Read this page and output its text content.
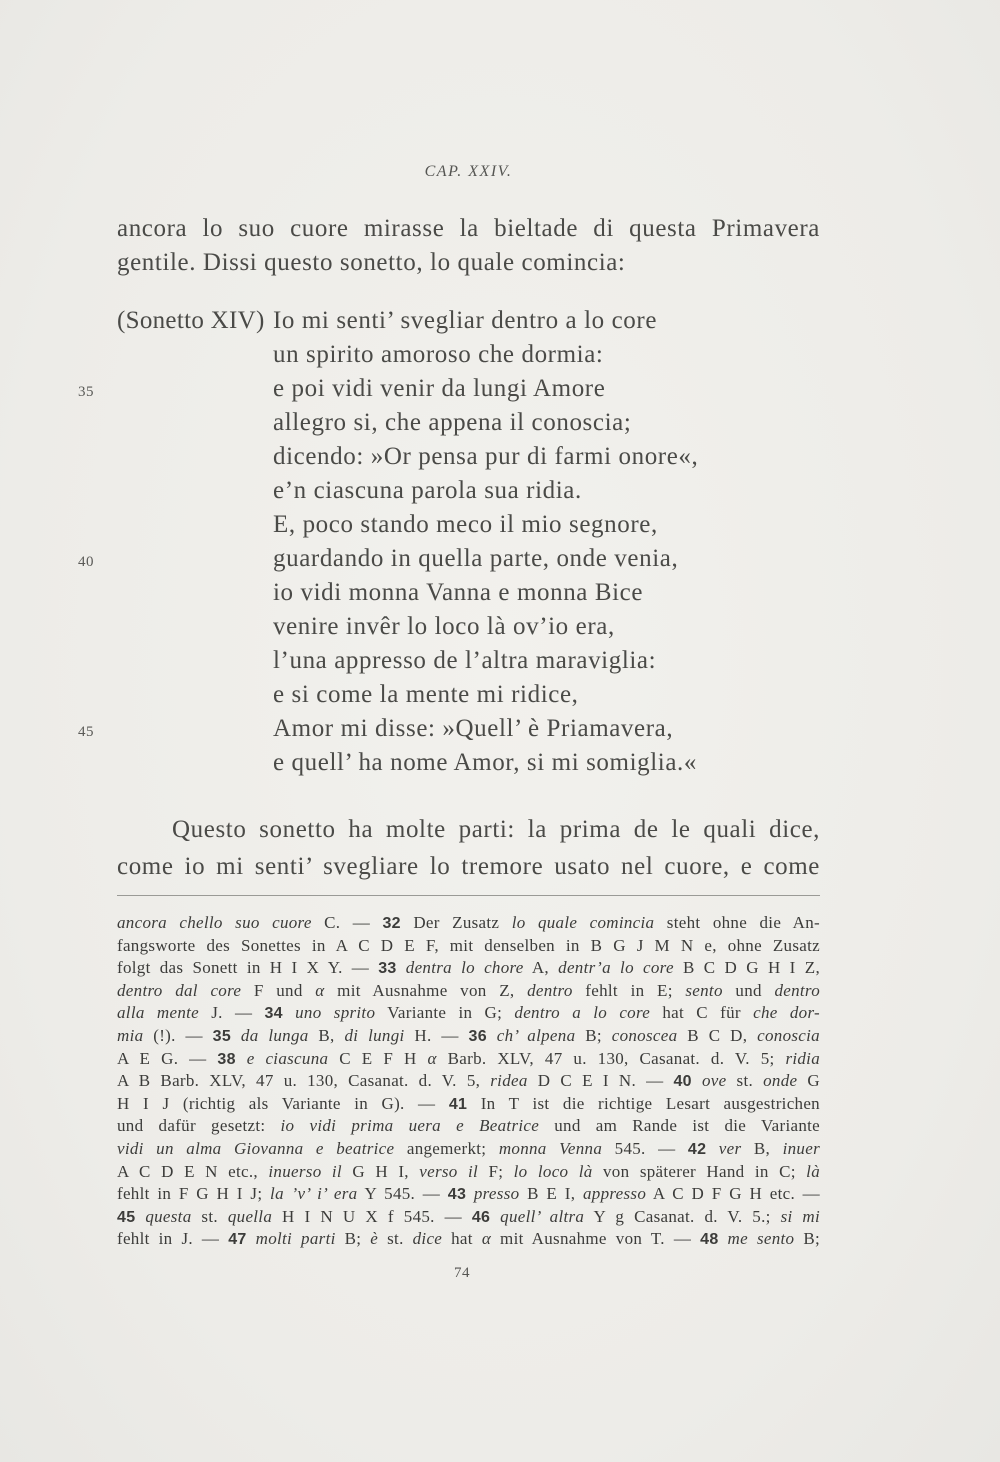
CAP. XXIV.
ancora lo suo cuore mirasse la bieltade di questa Primavera
gentile. Dissi questo sonetto, lo quale comincia:
(Sonetto XIV) Io mi senti’ svegliar dentro a lo core
un spirito amoroso che dormia:
35	e poi vidi venir da lungi Amore
allegro si, che appena il conoscia;
dicendo: »Or pensa pur di farmi onore«,
e’n ciascuna parola sua ridia.
E, poco stando meco il mio segnore,
40	guardando in quella parte, onde venia,
io vidi monna Vanna e monna Bice
venire invêr lo loco là ov’io era,
l’una appresso de l’altra maraviglia:
e si come la mente mi ridice,
45	Amor mi disse: »Quell’ è Priamavera,
e quell’ ha nome Amor, si mi somiglia.«
Questo sonetto ha molte parti: la prima de le quali dice,
come io mi senti’ svegliare lo tremore usato nel cuore, e come
ancora chello suo cuore C. — 32 Der Zusatz lo quale comincia steht ohne die An-
fangsworte des Sonettes in A C D E F, mit denselben in B G J M N e, ohne Zusatz
folgt das Sonett in H I X Y. — 33 dentra lo chore A, dentr’a lo core B C D G H I Z,
dentro dal core F und α mit Ausnahme von Z, dentro fehlt in E; sento und dentro
alla mente J. — 34 uno sprito Variante in G; dentro a lo core hat C für che dor-
mia (!). — 35 da lunga B, di lungi H. — 36 ch’ alpena B; conoscea B C D, conoscia
A E G. — 38 e ciascuna C E F H α Barb. XLV, 47 u. 130, Casanat. d. V. 5; ridia
A B Barb. XLV, 47 u. 130, Casanat. d. V. 5, ridea D C E I N. — 40 ove st. onde G
H I J (richtig als Variante in G). — 41 In T ist die richtige Lesart ausgestrichen
und dafür gesetzt: io vidi prima uera e Beatrice und am Rande ist die Variante
vidi un alma Giovanna e beatrice angemerkt; monna Venna 545. — 42 ver B, inuer
A C D E N etc., inuerso il G H I, verso il F; lo loco là von späterer Hand in C; là
fehlt in F G H I J; la ’v’ i’ era Y 545. — 43 presso B E I, appresso A C D F G H etc. —
45 questa st. quella H I N U X f 545. — 46 quell’ altra Y g Casanat. d. V. 5.; si mi
fehlt in J. — 47 molti parti B; è st. dice hat α mit Ausnahme von T. — 48 me sento B;
74
